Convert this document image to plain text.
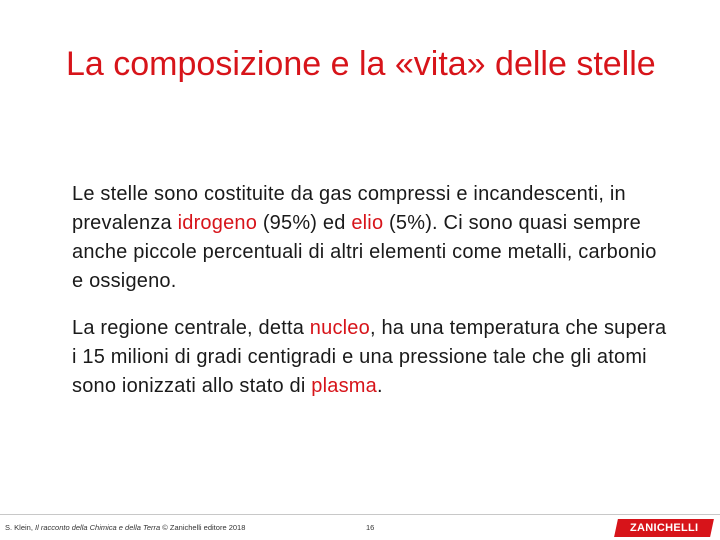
La composizione e la «vita» delle stelle

Le stelle sono costituite da gas compressi e incandescenti, in prevalenza idrogeno (95%) ed elio (5%). Ci sono quasi sempre anche piccole percentuali di altri elementi come metalli, carbonio e ossigeno.

La regione centrale, detta nucleo, ha una temperatura che supera i 15 milioni di gradi centigradi e una pressione tale che gli atomi sono ionizzati allo stato di plasma.

S. Klein, Il racconto della Chimica e della Terra © Zanichelli editore 2018	16	ZANICHELLI
